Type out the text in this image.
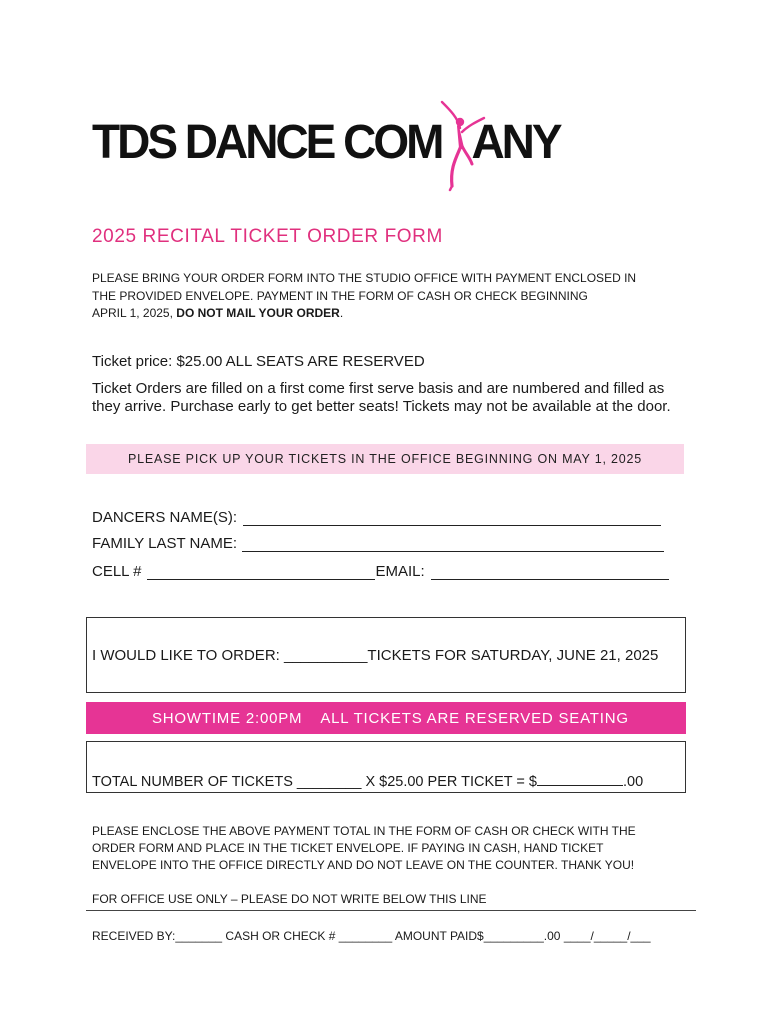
TDS DANCE COM ANY
2025 RECITAL TICKET ORDER FORM
PLEASE BRING YOUR ORDER FORM INTO THE STUDIO OFFICE WITH PAYMENT ENCLOSED IN
THE PROVIDED ENVELOPE. PAYMENT IN THE FORM OF CASH OR CHECK BEGINNING
APRIL 1, 2025, DO NOT MAIL YOUR ORDER.
Ticket price: $25.00 ALL SEATS ARE RESERVED
Ticket Orders are filled on a first come first serve basis and are numbered and filled as
they arrive. Purchase early to get better seats! Tickets may not be available at the door.
PLEASE PICK UP YOUR TICKETS IN THE OFFICE BEGINNING ON MAY 1, 2025
DANCERS NAME(S):
FAMILY LAST NAME:
CELL #	EMAIL:
I WOULD LIKE TO ORDER: __________TICKETS FOR SATURDAY, JUNE 21, 2025
SHOWTIME 2:00PM ALL TICKETS ARE RESERVED SEATING
TOTAL NUMBER OF TICKETS ________ X $25.00 PER TICKET = $	.00
PLEASE ENCLOSE THE ABOVE PAYMENT TOTAL IN THE FORM OF CASH OR CHECK WITH THE
ORDER FORM AND PLACE IN THE TICKET ENVELOPE. IF PAYING IN CASH, HAND TICKET
ENVELOPE INTO THE OFFICE DIRECTLY AND DO NOT LEAVE ON THE COUNTER. THANK YOU!
FOR OFFICE USE ONLY – PLEASE DO NOT WRITE BELOW THIS LINE
RECEIVED BY:_______ CASH OR CHECK # ________ AMOUNT PAID$_________.00 ____/_____/___
